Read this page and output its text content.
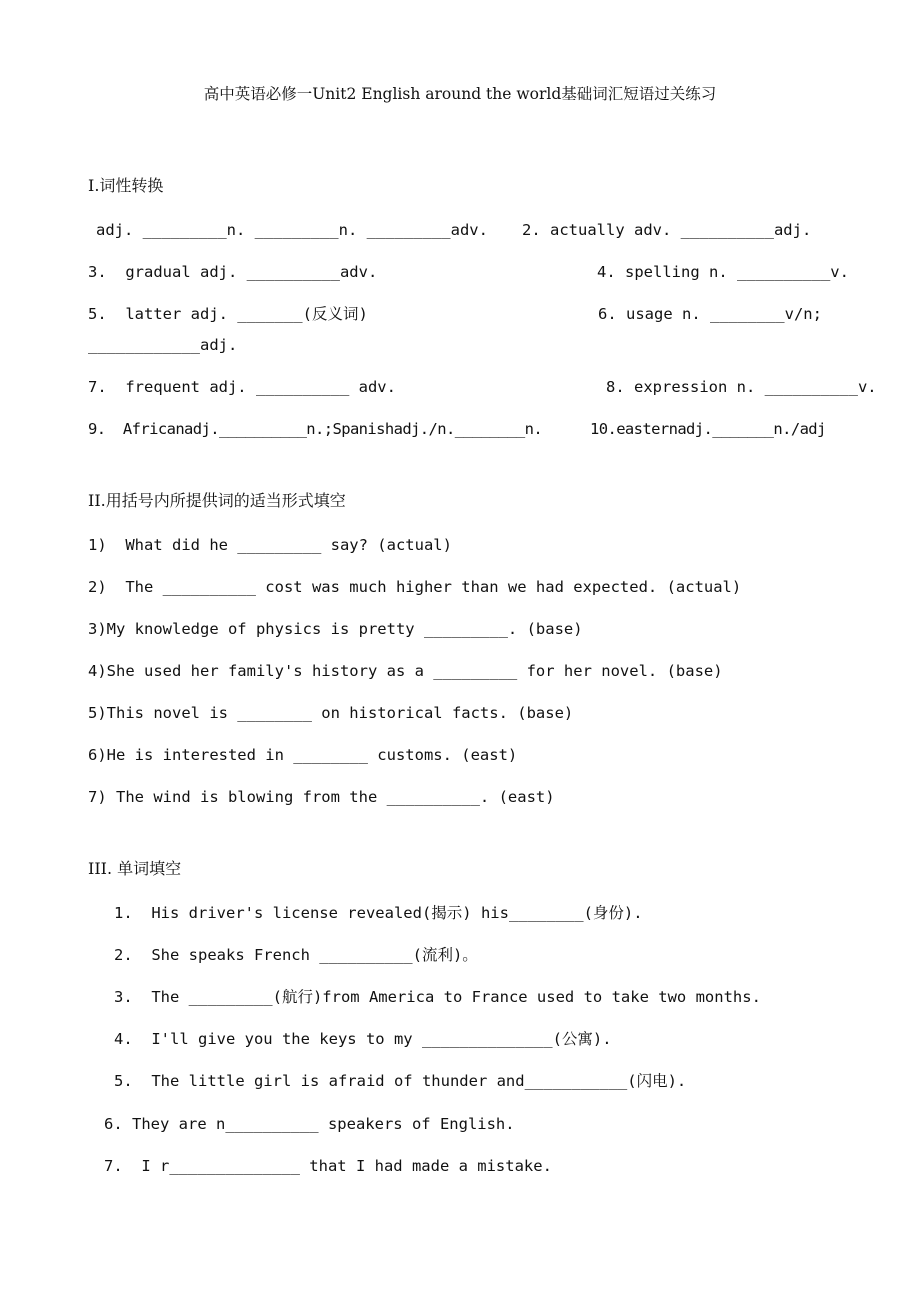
高中英语必修一Unit2 English around the world基础词汇短语过关练习
I.词性转换
adj. _________n. _________n. _________adv. 2. actually adv. __________adj.
3.  gradual adj. __________adv.	4. spelling n. __________v.
5.  latter adj. _______(反义词)	6. usage n. ________v/n;
____________adj.
7.  frequent adj. __________ adv.	8. expression n. __________v.
9.  Africanadj.__________n.;Spanishadj./n.________n.	10.easternadj._______n./adj
II.用括号内所提供词的适当形式填空
1)  What did he _________ say? (actual)
2)  The __________ cost was much higher than we had expected. (actual)
3)My knowledge of physics is pretty _________. (base)
4)She used her family's history as a _________ for her novel. (base)
5)This novel is ________ on historical facts. (base)
6)He is interested in ________ customs. (east)
7) The wind is blowing from the __________. (east)
III. 单词填空
1.  His driver's license revealed(揭示) his________(身份).
2.  She speaks French __________(流利)。
3.  The _________(航行)from America to France used to take two months.
4.  I'll give you the keys to my ______________(公寓).
5.  The little girl is afraid of thunder and___________(闪电).
6. They are n__________ speakers of English.
7.  I r______________ that I had made a mistake.
